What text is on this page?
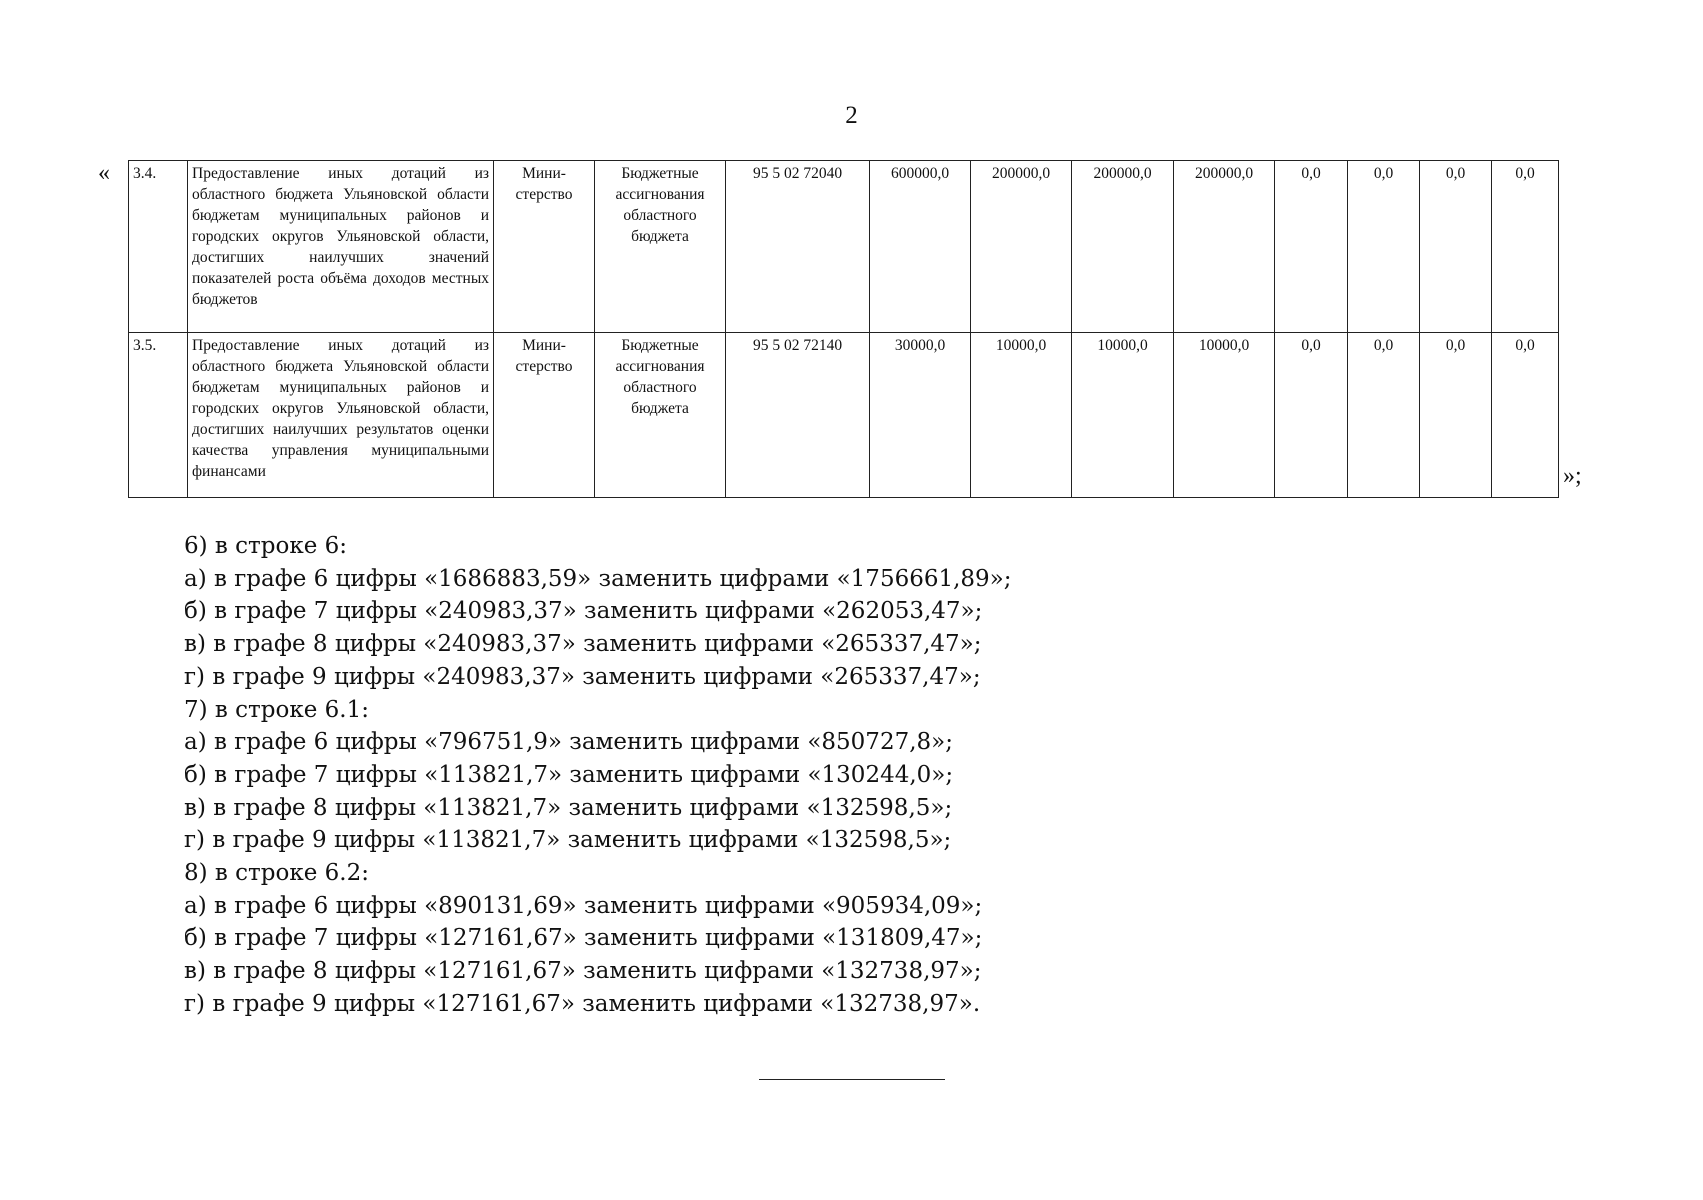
2
« 3.4.	Предоставление иных дотаций из областного бюджета Ульяновской области бюджетам муниципальных районов и городских округов Ульяновской области, достигших наилучших значений показателей роста объёма доходов местных бюджетов	Мини-стерство	Бюджетные ассигнования областного бюджета	95 5 02 72040	600000,0	200000,0	200000,0	200000,0	0,0	0,0	0,0	0,0
3.5.	Предоставление иных дотаций из областного бюджета Ульяновской области бюджетам муниципальных районов и городских округов Ульяновской области, достигших наилучших результатов оценки качества управления муниципальными финансами	Мини-стерство	Бюджетные ассигнования областного бюджета	95 5 02 72140	30000,0	10000,0	10000,0	10000,0	0,0	0,0	0,0	0,0
»;
6) в строке 6:
а) в графе 6 цифры «1686883,59» заменить цифрами «1756661,89»;
б) в графе 7 цифры «240983,37» заменить цифрами «262053,47»;
в) в графе 8 цифры «240983,37» заменить цифрами «265337,47»;
г) в графе 9 цифры «240983,37» заменить цифрами «265337,47»;
7) в строке 6.1:
а) в графе 6 цифры «796751,9» заменить цифрами «850727,8»;
б) в графе 7 цифры «113821,7» заменить цифрами «130244,0»;
в) в графе 8 цифры «113821,7» заменить цифрами «132598,5»;
г) в графе 9 цифры «113821,7» заменить цифрами «132598,5»;
8) в строке 6.2:
а) в графе 6 цифры «890131,69» заменить цифрами «905934,09»;
б) в графе 7 цифры «127161,67» заменить цифрами «131809,47»;
в) в графе 8 цифры «127161,67» заменить цифрами «132738,97»;
г) в графе 9 цифры «127161,67» заменить цифрами «132738,97».
